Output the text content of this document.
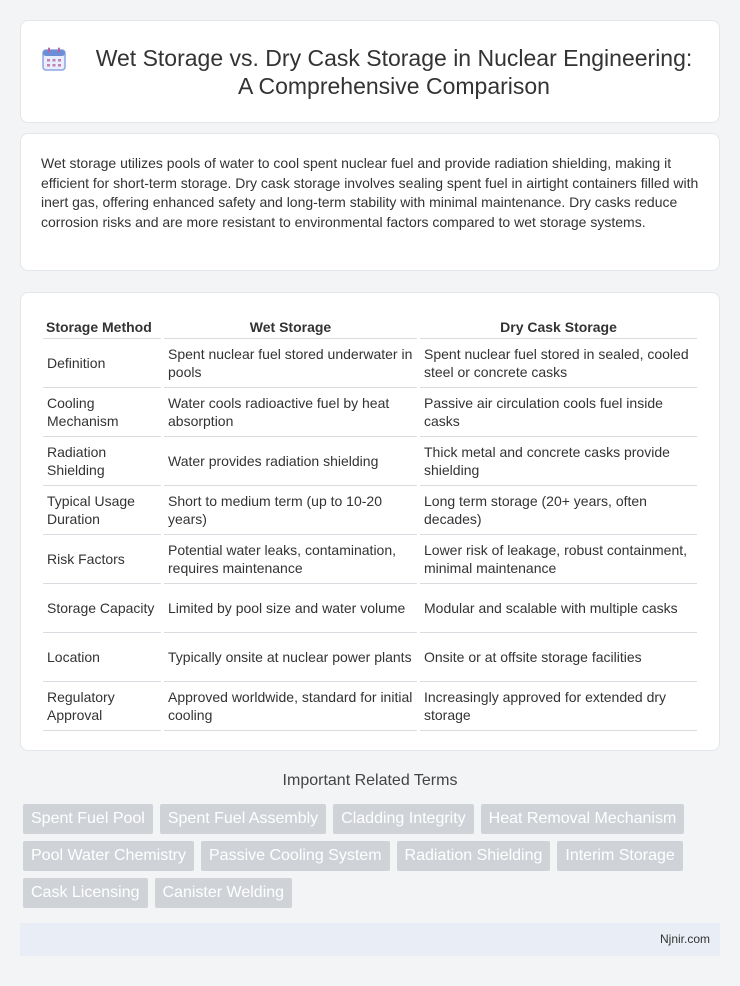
Wet Storage vs. Dry Cask Storage in Nuclear Engineering: A Comprehensive Comparison

Wet storage utilizes pools of water to cool spent nuclear fuel and provide radiation shielding, making it efficient for short-term storage. Dry cask storage involves sealing spent fuel in airtight containers filled with inert gas, offering enhanced safety and long-term stability with minimal maintenance. Dry casks reduce corrosion risks and are more resistant to environmental factors compared to wet storage systems.

Storage Method	Wet Storage	Dry Cask Storage
Definition	Spent nuclear fuel stored underwater in pools	Spent nuclear fuel stored in sealed, cooled steel or concrete casks
Cooling Mechanism	Water cools radioactive fuel by heat absorption	Passive air circulation cools fuel inside casks
Radiation Shielding	Water provides radiation shielding	Thick metal and concrete casks provide shielding
Typical Usage Duration	Short to medium term (up to 10-20 years)	Long term storage (20+ years, often decades)
Risk Factors	Potential water leaks, contamination, requires maintenance	Lower risk of leakage, robust containment, minimal maintenance
Storage Capacity	Limited by pool size and water volume	Modular and scalable with multiple casks
Location	Typically onsite at nuclear power plants	Onsite or at offsite storage facilities
Regulatory Approval	Approved worldwide, standard for initial cooling	Increasingly approved for extended dry storage
Important Related Terms
Spent Fuel Pool	Spent Fuel Assembly	Cladding Integrity	Heat Removal Mechanism
Pool Water Chemistry	Passive Cooling System	Radiation Shielding	Interim Storage
Cask Licensing	Canister Welding
Njnir.com
